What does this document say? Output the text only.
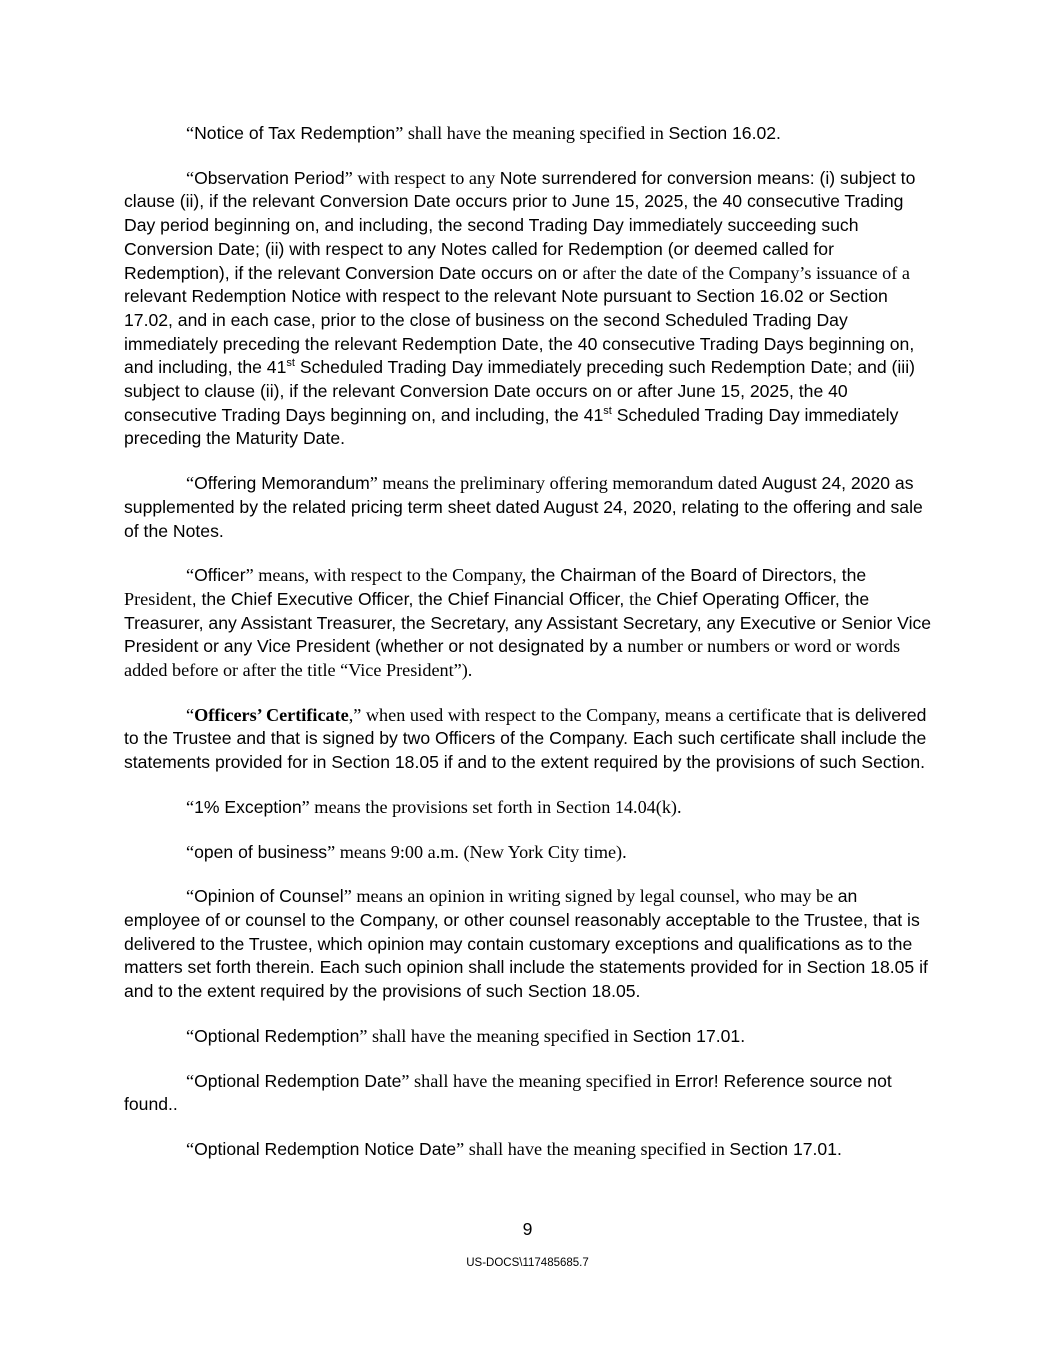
“Notice of Tax Redemption” shall have the meaning specified in Section 16.02.

“Observation Period” with respect to any Note surrendered for conversion means: (i) subject to clause (ii), if the relevant Conversion Date occurs prior to June 15, 2025, the 40 consecutive Trading Day period beginning on, and including, the second Trading Day immediately succeeding such Conversion Date; (ii) with respect to any Notes called for Redemption (or deemed called for Redemption), if the relevant Conversion Date occurs on or after the date of the Company’s issuance of a relevant Redemption Notice with respect to the relevant Note pursuant to Section 16.02 or Section 17.02, and in each case, prior to the close of business on the second Scheduled Trading Day immediately preceding the relevant Redemption Date, the 40 consecutive Trading Days beginning on, and including, the 41st Scheduled Trading Day immediately preceding such Redemption Date; and (iii) subject to clause (ii), if the relevant Conversion Date occurs on or after June 15, 2025, the 40 consecutive Trading Days beginning on, and including, the 41st Scheduled Trading Day immediately preceding the Maturity Date.

“Offering Memorandum” means the preliminary offering memorandum dated August 24, 2020 as supplemented by the related pricing term sheet dated August 24, 2020, relating to the offering and sale of the Notes.

“Officer” means, with respect to the Company, the Chairman of the Board of Directors, the President, the Chief Executive Officer, the Chief Financial Officer, the Chief Operating Officer, the Treasurer, any Assistant Treasurer, the Secretary, any Assistant Secretary, any Executive or Senior Vice President or any Vice President (whether or not designated by a number or numbers or word or words added before or after the title “Vice President”).

“Officers’ Certificate,” when used with respect to the Company, means a certificate that is delivered to the Trustee and that is signed by two Officers of the Company. Each such certificate shall include the statements provided for in Section 18.05 if and to the extent required by the provisions of such Section.

“1% Exception” means the provisions set forth in Section 14.04(k).

“open of business” means 9:00 a.m. (New York City time).

“Opinion of Counsel” means an opinion in writing signed by legal counsel, who may be an employee of or counsel to the Company, or other counsel reasonably acceptable to the Trustee, that is delivered to the Trustee, which opinion may contain customary exceptions and qualifications as to the matters set forth therein. Each such opinion shall include the statements provided for in Section 18.05 if and to the extent required by the provisions of such Section 18.05.

“Optional Redemption” shall have the meaning specified in Section 17.01.

“Optional Redemption Date” shall have the meaning specified in Error! Reference source not found..

“Optional Redemption Notice Date” shall have the meaning specified in Section 17.01.

9
US-DOCS\117485685.7
